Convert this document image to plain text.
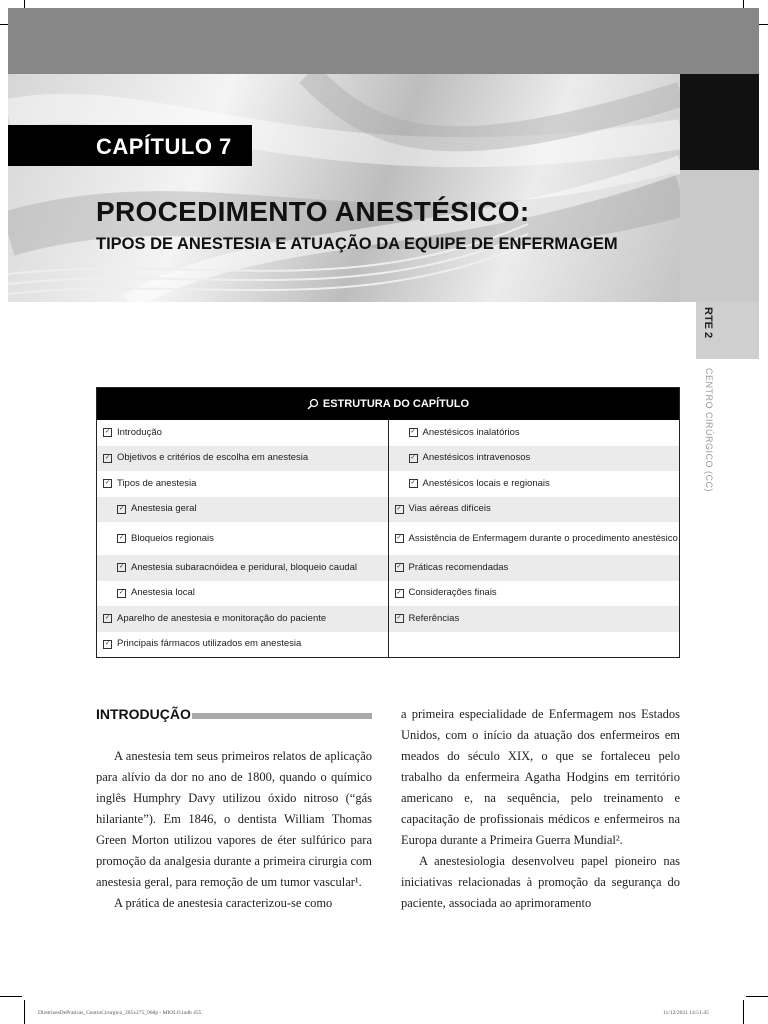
CAPÍTULO 7
PROCEDIMENTO ANESTÉSICO:
TIPOS DE ANESTESIA E ATUAÇÃO DA EQUIPE DE ENFERMAGEM
RTE 2
CENTRO CIRÚRGICO (CC)
ESTRUTURA DO CAPÍTULO
✓ Introdução
✓ Objetivos e critérios de escolha em anestesia
✓ Tipos de anestesia
✓ Anestesia geral
✓ Bloqueios regionais
✓ Anestesia subaracnóidea e peridural, bloqueio caudal
✓ Anestesia local
✓ Aparelho de anestesia e monitoração do paciente
✓ Principais fármacos utilizados em anestesia
✓ Anestésicos inalatórios
✓ Anestésicos intravenosos
✓ Anestésicos locais e regionais
✓ Vias aéreas difíceis
✓ Assistência de Enfermagem durante o procedimento anestésico
✓ Práticas recomendadas
✓ Considerações finais
✓ Referências
INTRODUÇÃO

A anestesia tem seus primeiros relatos de aplicação para alívio da dor no ano de 1800, quando o químico inglês Humphry Davy utilizou óxido nitroso (“gás hilariante”). Em 1846, o dentista William Thomas Green Morton utilizou vapores de éter sulfúrico para promoção da analgesia durante a primeira cirurgia com anestesia geral, para remoção de um tumor vascular¹.

A prática de anestesia caracterizou-se como

a primeira especialidade de Enfermagem nos Estados Unidos, com o início da atuação dos enfermeiros em meados do século XIX, o que se fortaleceu pelo trabalho da enfermeira Agatha Hodgins em território americano e, na sequência, pelo treinamento e capacitação de profissionais médicos e enfermeiros na Europa durante a Primeira Guerra Mundial².

A anestesiologia desenvolveu papel pioneiro nas iniciativas relacionadas à promoção da segurança do paciente, associada ao aprimoramento

DiretrizesDePraticas_CentroCirurgico_205x275_968p - MIOLO.indb 455	11/12/2021 14:51:45
